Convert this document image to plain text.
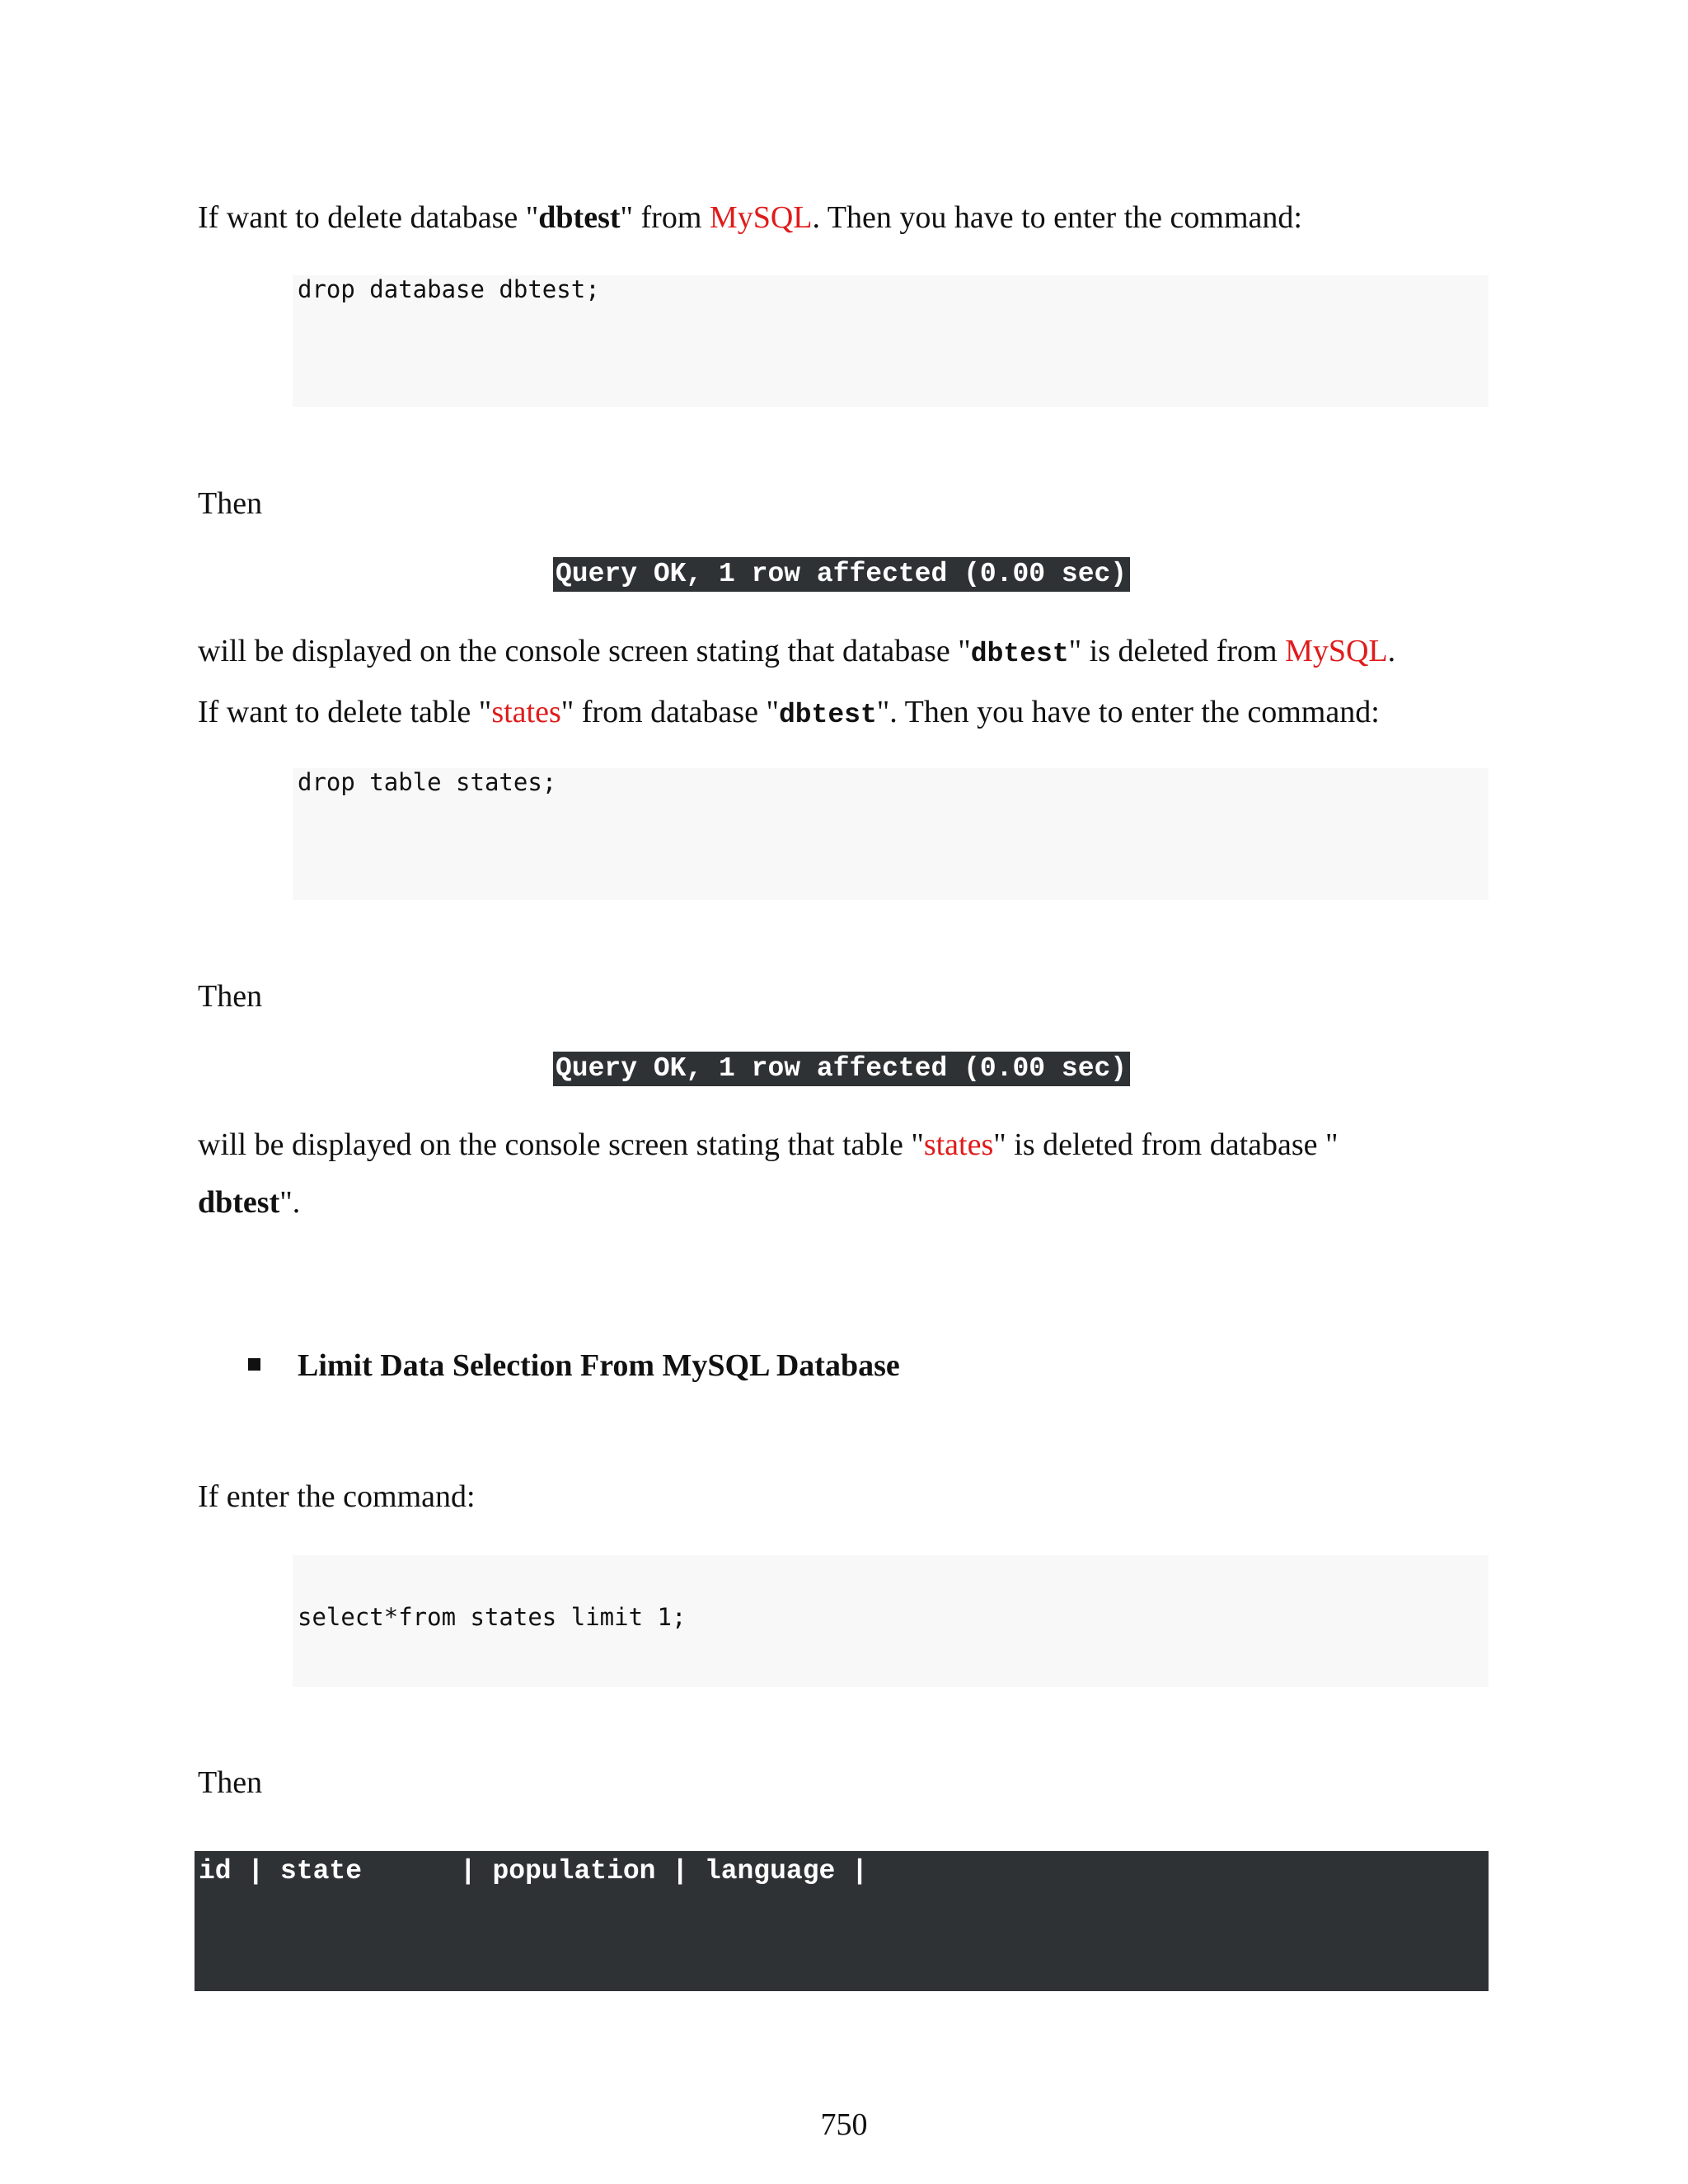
If want to delete database "dbtest" from MySQL. Then you have to enter the command:

drop database dbtest;

Then

Query OK, 1 row affected (0.00 sec)

will be displayed on the console screen stating that database "dbtest" is deleted from MySQL.
If want to delete table "states" from database "dbtest". Then you have to enter the command:

drop table states;

Then

Query OK, 1 row affected (0.00 sec)

will be displayed on the console screen stating that table "states" is deleted from database "
dbtest".

Limit Data Selection From MySQL Database

If enter the command:

select*from states limit 1;

Then

id | state      | population | language |
750
